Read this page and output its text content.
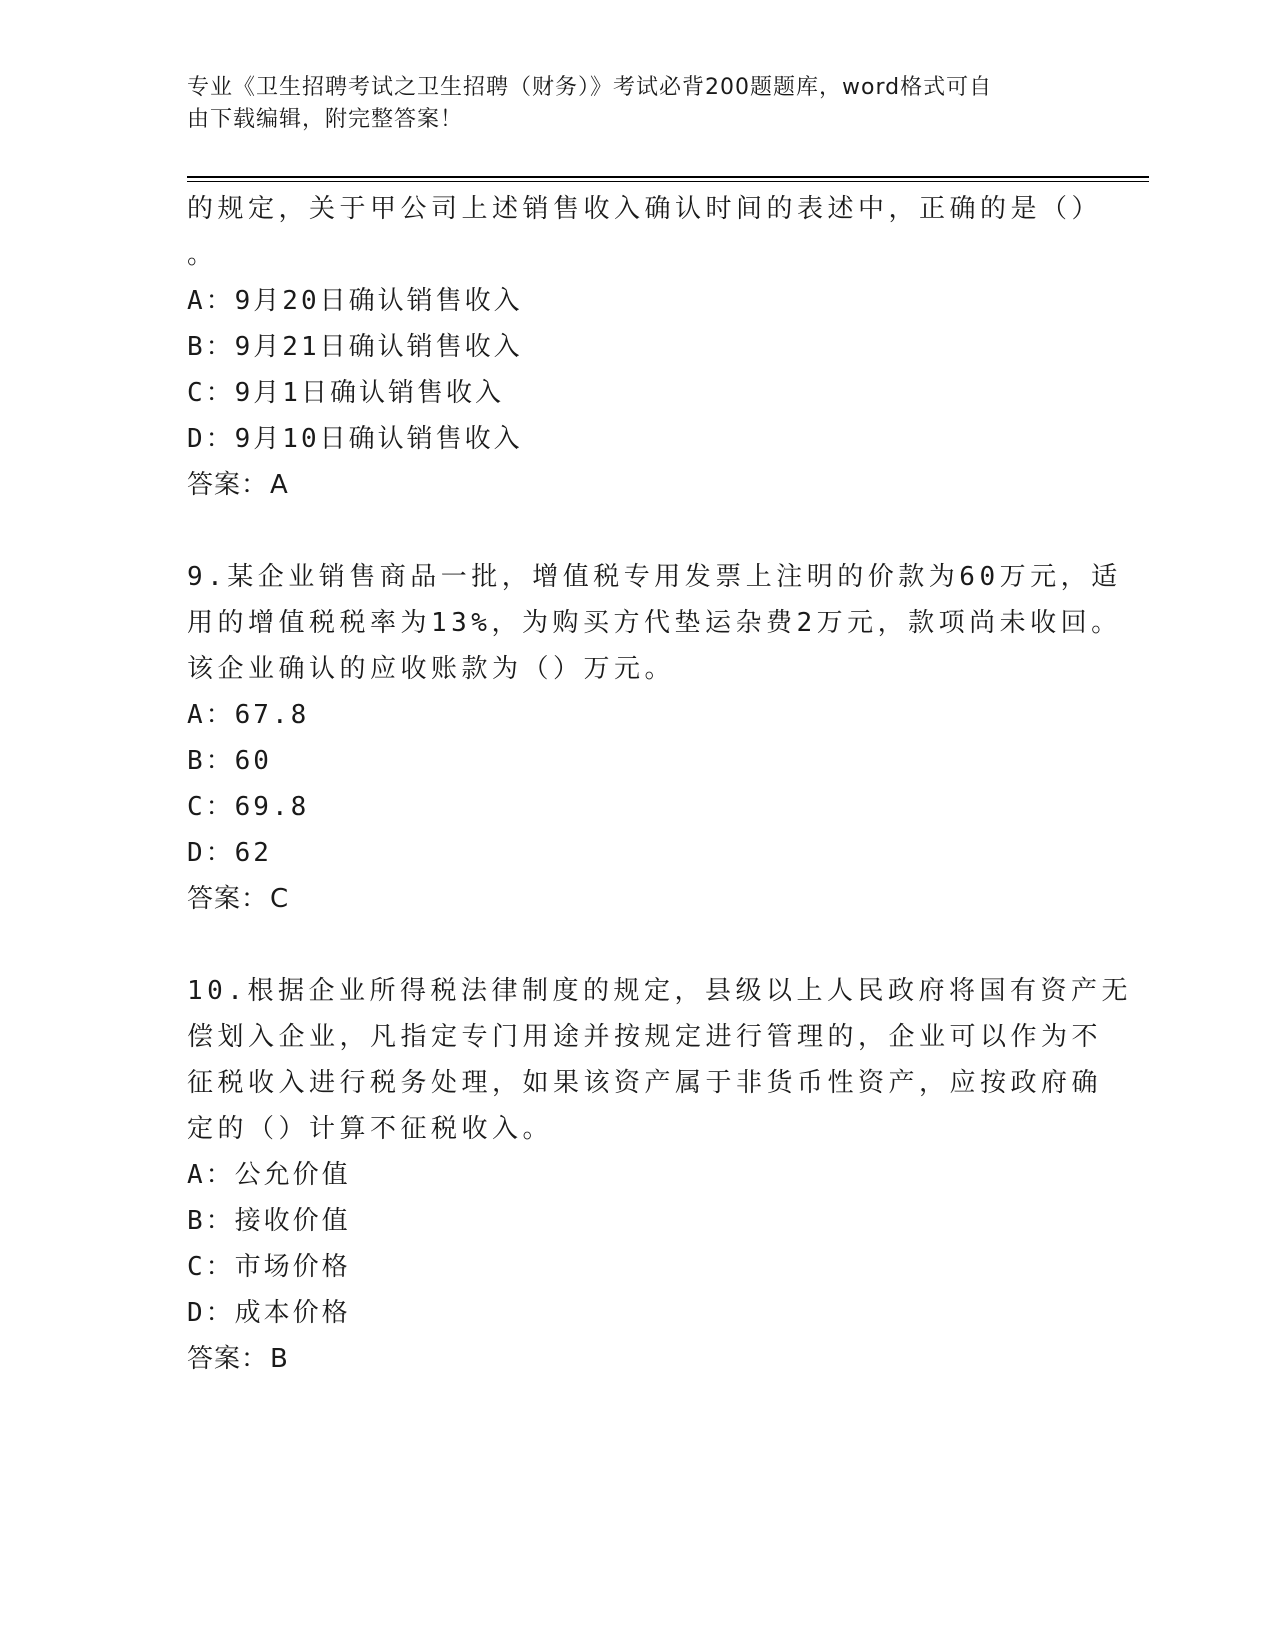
专业《卫生招聘考试之卫生招聘（财务）》考试必背200题题库，word格式可自
由下载编辑，附完整答案！
的规定，关于甲公司上述销售收入确认时间的表述中，正确的是（）
。
A：9月20日确认销售收入
B：9月21日确认销售收入
C：9月1日确认销售收入
D：9月10日确认销售收入
答案：A
9.某企业销售商品一批，增值税专用发票上注明的价款为60万元，适
用的增值税税率为13%，为购买方代垫运杂费2万元，款项尚未收回。
该企业确认的应收账款为（）万元。
A：67.8
B：60
C：69.8
D：62
答案：C
10.根据企业所得税法律制度的规定，县级以上人民政府将国有资产无
偿划入企业，凡指定专门用途并按规定进行管理的，企业可以作为不
征税收入进行税务处理，如果该资产属于非货币性资产，应按政府确
定的（）计算不征税收入。
A：公允价值
B：接收价值
C：市场价格
D：成本价格
答案：B
